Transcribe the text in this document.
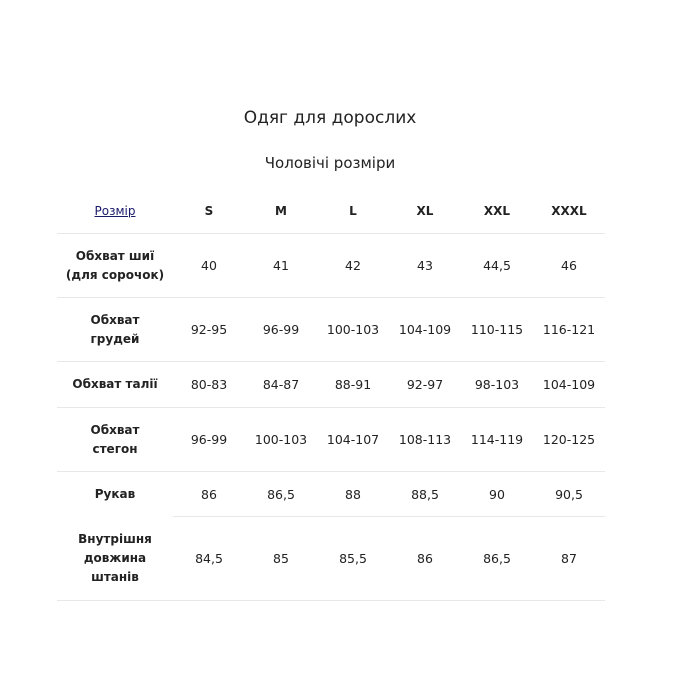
Одяг для дорослих
Чоловічі розміри
Розмір	S	M	L	XL	XXL	XXXL
Обхват шиї (для сорочок)	40	41	42	43	44,5	46
Обхват грудей	92-95	96-99	100-103	104-109	110-115	116-121
Обхват талії	80-83	84-87	88-91	92-97	98-103	104-109
Обхват стегон	96-99	100-103	104-107	108-113	114-119	120-125
Рукав	86	86,5	88	88,5	90	90,5
Внутрішня довжина штанів	84,5	85	85,5	86	86,5	87
